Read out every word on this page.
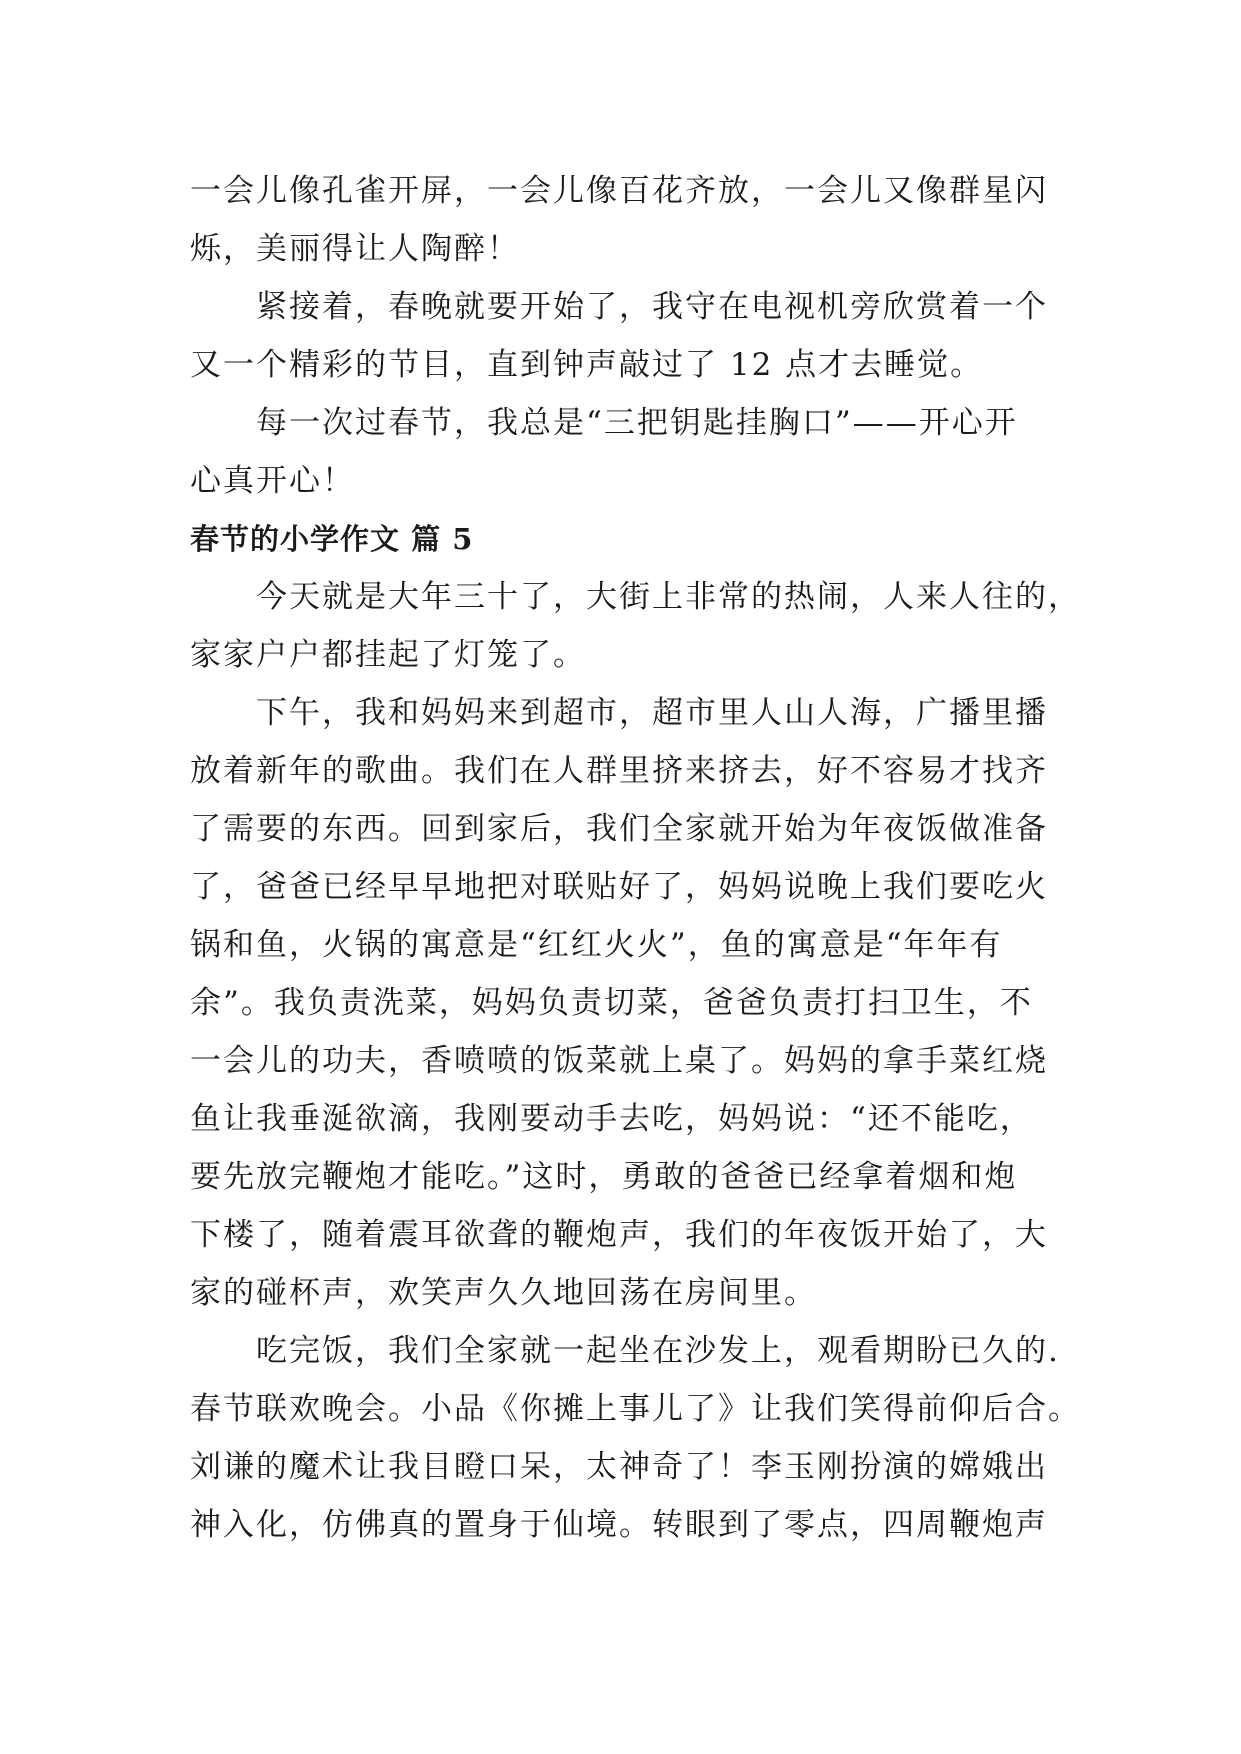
一会儿像孔雀开屏，一会儿像百花齐放，一会儿又像群星闪
烁，美丽得让人陶醉！

紧接着，春晚就要开始了，我守在电视机旁欣赏着一个
又一个精彩的节目，直到钟声敲过了 12 点才去睡觉。

每一次过春节，我总是“三把钥匙挂胸口”——开心开
心真开心！

春节的小学作文 篇 5

今天就是大年三十了，大街上非常的热闹，人来人往的，
家家户户都挂起了灯笼了。

下午，我和妈妈来到超市，超市里人山人海，广播里播
放着新年的歌曲。我们在人群里挤来挤去，好不容易才找齐
了需要的东西。回到家后，我们全家就开始为年夜饭做准备
了，爸爸已经早早地把对联贴好了，妈妈说晚上我们要吃火
锅和鱼，火锅的寓意是“红红火火”，鱼的寓意是“年年有
余”。我负责洗菜，妈妈负责切菜，爸爸负责打扫卫生，不
一会儿的功夫，香喷喷的饭菜就上桌了。妈妈的拿手菜红烧
鱼让我垂涎欲滴，我刚要动手去吃，妈妈说：“还不能吃，
要先放完鞭炮才能吃。”这时，勇敢的爸爸已经拿着烟和炮
下楼了，随着震耳欲聋的鞭炮声，我们的年夜饭开始了，大
家的碰杯声，欢笑声久久地回荡在房间里。

吃完饭，我们全家就一起坐在沙发上，观看期盼已久的.
春节联欢晚会。小品《你摊上事儿了》让我们笑得前仰后合。
刘谦的魔术让我目瞪口呆，太神奇了！李玉刚扮演的嫦娥出
神入化，仿佛真的置身于仙境。转眼到了零点，四周鞭炮声
